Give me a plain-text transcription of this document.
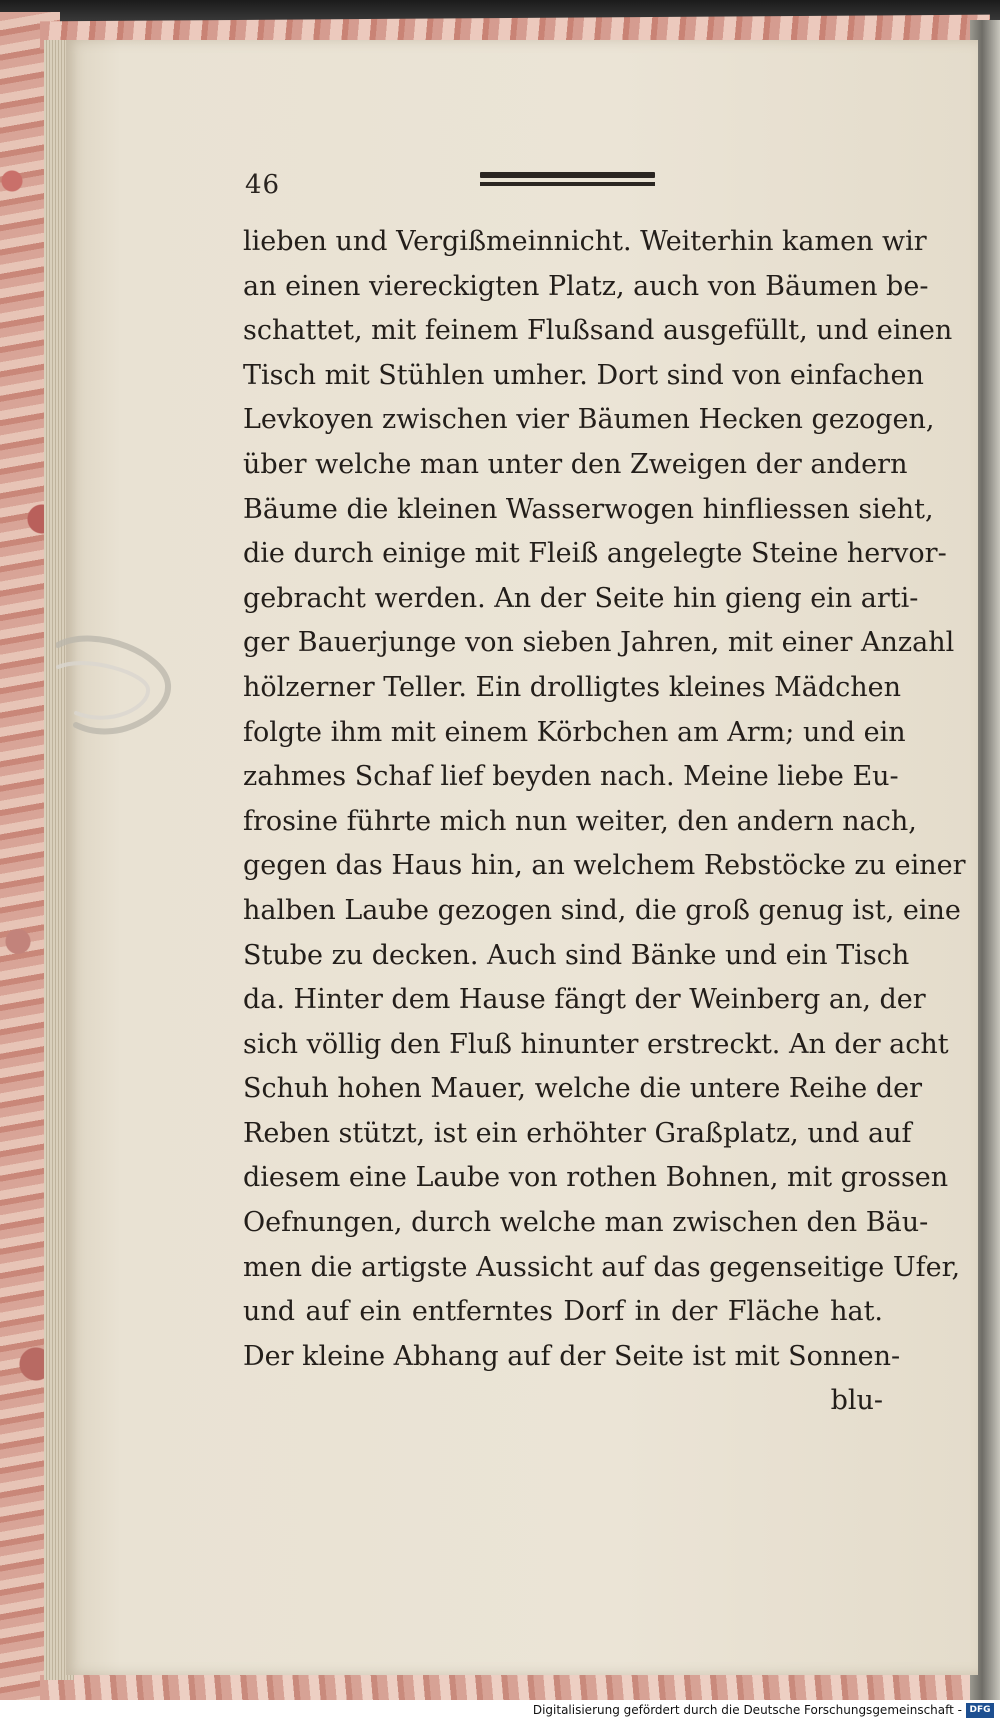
46
lieben und Vergißmeinnicht. Weiterhin kamen wir
an einen viereckigten Platz, auch von Bäumen be-
schattet, mit feinem Flußsand ausgefüllt, und einen
Tisch mit Stühlen umher. Dort sind von einfachen
Levkoyen zwischen vier Bäumen Hecken gezogen,
über welche man unter den Zweigen der andern
Bäume die kleinen Wasserwogen hinfliessen sieht,
die durch einige mit Fleiß angelegte Steine hervor-
gebracht werden. An der Seite hin gieng ein arti-
ger Bauerjunge von sieben Jahren, mit einer Anzahl
hölzerner Teller. Ein drolligtes kleines Mädchen
folgte ihm mit einem Körbchen am Arm; und ein
zahmes Schaf lief beyden nach. Meine liebe Eu-
frosine führte mich nun weiter, den andern nach,
gegen das Haus hin, an welchem Rebstöcke zu einer
halben Laube gezogen sind, die groß genug ist, eine
Stube zu decken. Auch sind Bänke und ein Tisch
da. Hinter dem Hause fängt der Weinberg an, der
sich völlig den Fluß hinunter erstreckt. An der acht
Schuh hohen Mauer, welche die untere Reihe der
Reben stützt, ist ein erhöhter Graßplatz, und auf
diesem eine Laube von rothen Bohnen, mit grossen
Oefnungen, durch welche man zwischen den Bäu-
men die artigste Aussicht auf das gegenseitige Ufer,
und auf ein entferntes Dorf in der Fläche hat.
Der kleine Abhang auf der Seite ist mit Sonnen-
blu-
Digitalisierung gefördert durch die Deutsche Forschungsgemeinschaft - DFG
